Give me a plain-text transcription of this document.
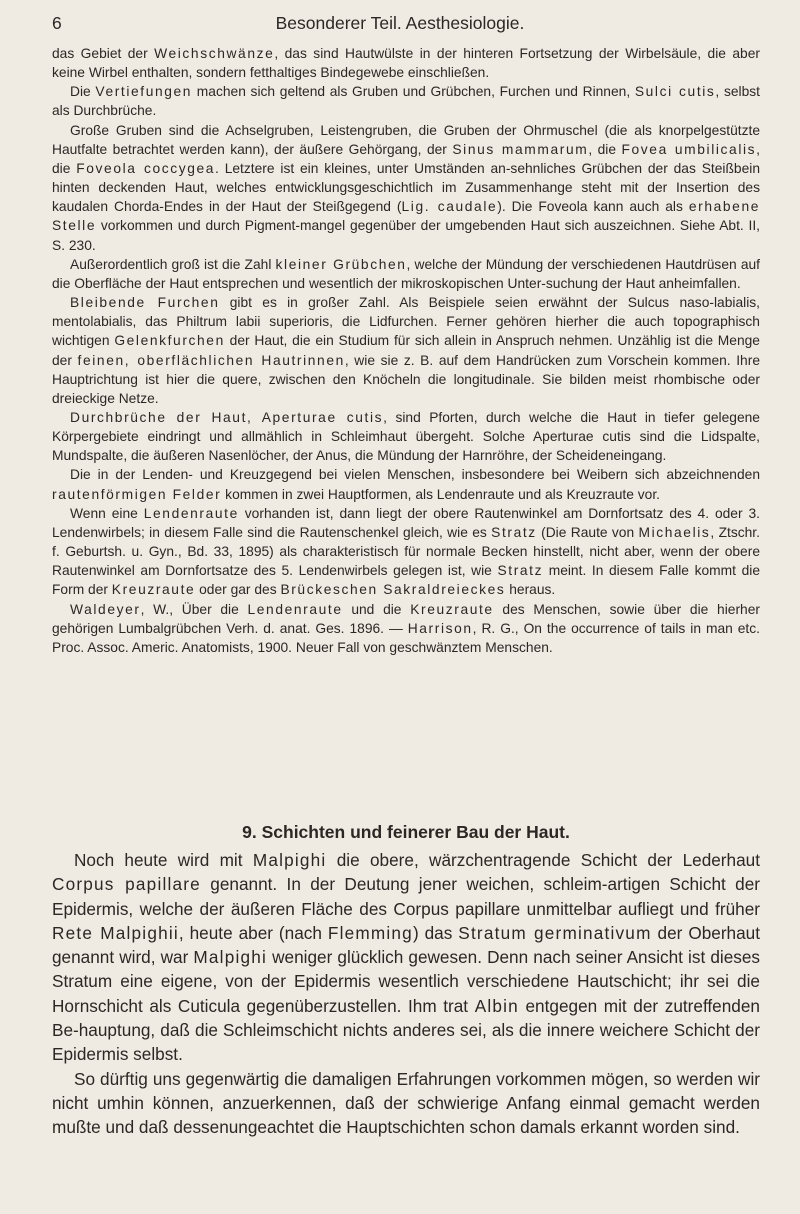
6	Besonderer Teil. Aesthesiologie.

das Gebiet der Weichschwänze, das sind Hautwülste in der hinteren Fortsetzung der Wirbelsäule, die aber keine Wirbel enthalten, sondern fetthaltiges Bindegewebe einschließen.

Die Vertiefungen machen sich geltend als Gruben und Grübchen, Furchen und Rinnen, Sulci cutis, selbst als Durchbrüche.

Große Gruben sind die Achselgruben, Leistengruben, die Gruben der Ohrmuschel (die als knorpelgestützte Hautfalte betrachtet werden kann), der äußere Gehörgang, der Sinus mammarum, die Fovea umbilicalis, die Foveola coccygea. Letztere ist ein kleines, unter Umständen an-sehnliches Grübchen der das Steißbein hinten deckenden Haut, welches entwicklungsgeschichtlich im Zusammenhange steht mit der Insertion des kaudalen Chorda-Endes in der Haut der Steißgegend (Lig. caudale). Die Foveola kann auch als erhabene Stelle vorkommen und durch Pigment-mangel gegenüber der umgebenden Haut sich auszeichnen. Siehe Abt. II, S. 230.

Außerordentlich groß ist die Zahl kleiner Grübchen, welche der Mündung der verschiedenen Hautdrüsen auf die Oberfläche der Haut entsprechen und wesentlich der mikroskopischen Unter-suchung der Haut anheimfallen.

Bleibende Furchen gibt es in großer Zahl. Als Beispiele seien erwähnt der Sulcus naso-labialis, mentolabialis, das Philtrum labii superioris, die Lidfurchen. Ferner gehören hierher die auch topographisch wichtigen Gelenkfurchen der Haut, die ein Studium für sich allein in Anspruch nehmen. Unzählig ist die Menge der feinen, oberflächlichen Hautrinnen, wie sie z. B. auf dem Handrücken zum Vorschein kommen. Ihre Hauptrichtung ist hier die quere, zwischen den Knöcheln die longitudinale. Sie bilden meist rhombische oder dreieckige Netze.

Durchbrüche der Haut, Aperturae cutis, sind Pforten, durch welche die Haut in tiefer gelegene Körpergebiete eindringt und allmählich in Schleimhaut übergeht. Solche Aperturae cutis sind die Lidspalte, Mundspalte, die äußeren Nasenlöcher, der Anus, die Mündung der Harnröhre, der Scheideneingang.

Die in der Lenden- und Kreuzgegend bei vielen Menschen, insbesondere bei Weibern sich abzeichnenden rautenförmigen Felder kommen in zwei Hauptformen, als Lendenraute und als Kreuzraute vor.

Wenn eine Lendenraute vorhanden ist, dann liegt der obere Rautenwinkel am Dornfortsatz des 4. oder 3. Lendenwirbels; in diesem Falle sind die Rautenschenkel gleich, wie es Stratz (Die Raute von Michaelis, Ztschr. f. Geburtsh. u. Gyn., Bd. 33, 1895) als charakteristisch für normale Becken hinstellt, nicht aber, wenn der obere Rautenwinkel am Dornfortsatze des 5. Lendenwirbels gelegen ist, wie Stratz meint. In diesem Falle kommt die Form der Kreuzraute oder gar des Brückeschen Sakraldreieckes heraus.

Waldeyer, W., Über die Lendenraute und die Kreuzraute des Menschen, sowie über die hierher gehörigen Lumbalgrübchen Verh. d. anat. Ges. 1896. — Harrison, R. G., On the occurrence of tails in man etc. Proc. Assoc. Americ. Anatomists, 1900. Neuer Fall von geschwänztem Menschen.

9. Schichten und feinerer Bau der Haut.

Noch heute wird mit Malpighi die obere, wärzchentragende Schicht der Lederhaut Corpus papillare genannt. In der Deutung jener weichen, schleim-artigen Schicht der Epidermis, welche der äußeren Fläche des Corpus papillare unmittelbar aufliegt und früher Rete Malpighii, heute aber (nach Flemming) das Stratum germinativum der Oberhaut genannt wird, war Malpighi weniger glücklich gewesen. Denn nach seiner Ansicht ist dieses Stratum eine eigene, von der Epidermis wesentlich verschiedene Hautschicht; ihr sei die Hornschicht als Cuticula gegenüberzustellen. Ihm trat Albin entgegen mit der zutreffenden Be-hauptung, daß die Schleimschicht nichts anderes sei, als die innere weichere Schicht der Epidermis selbst.

So dürftig uns gegenwärtig die damaligen Erfahrungen vorkommen mögen, so werden wir nicht umhin können, anzuerkennen, daß der schwierige Anfang einmal gemacht werden mußte und daß dessenungeachtet die Hauptschichten schon damals erkannt worden sind.
